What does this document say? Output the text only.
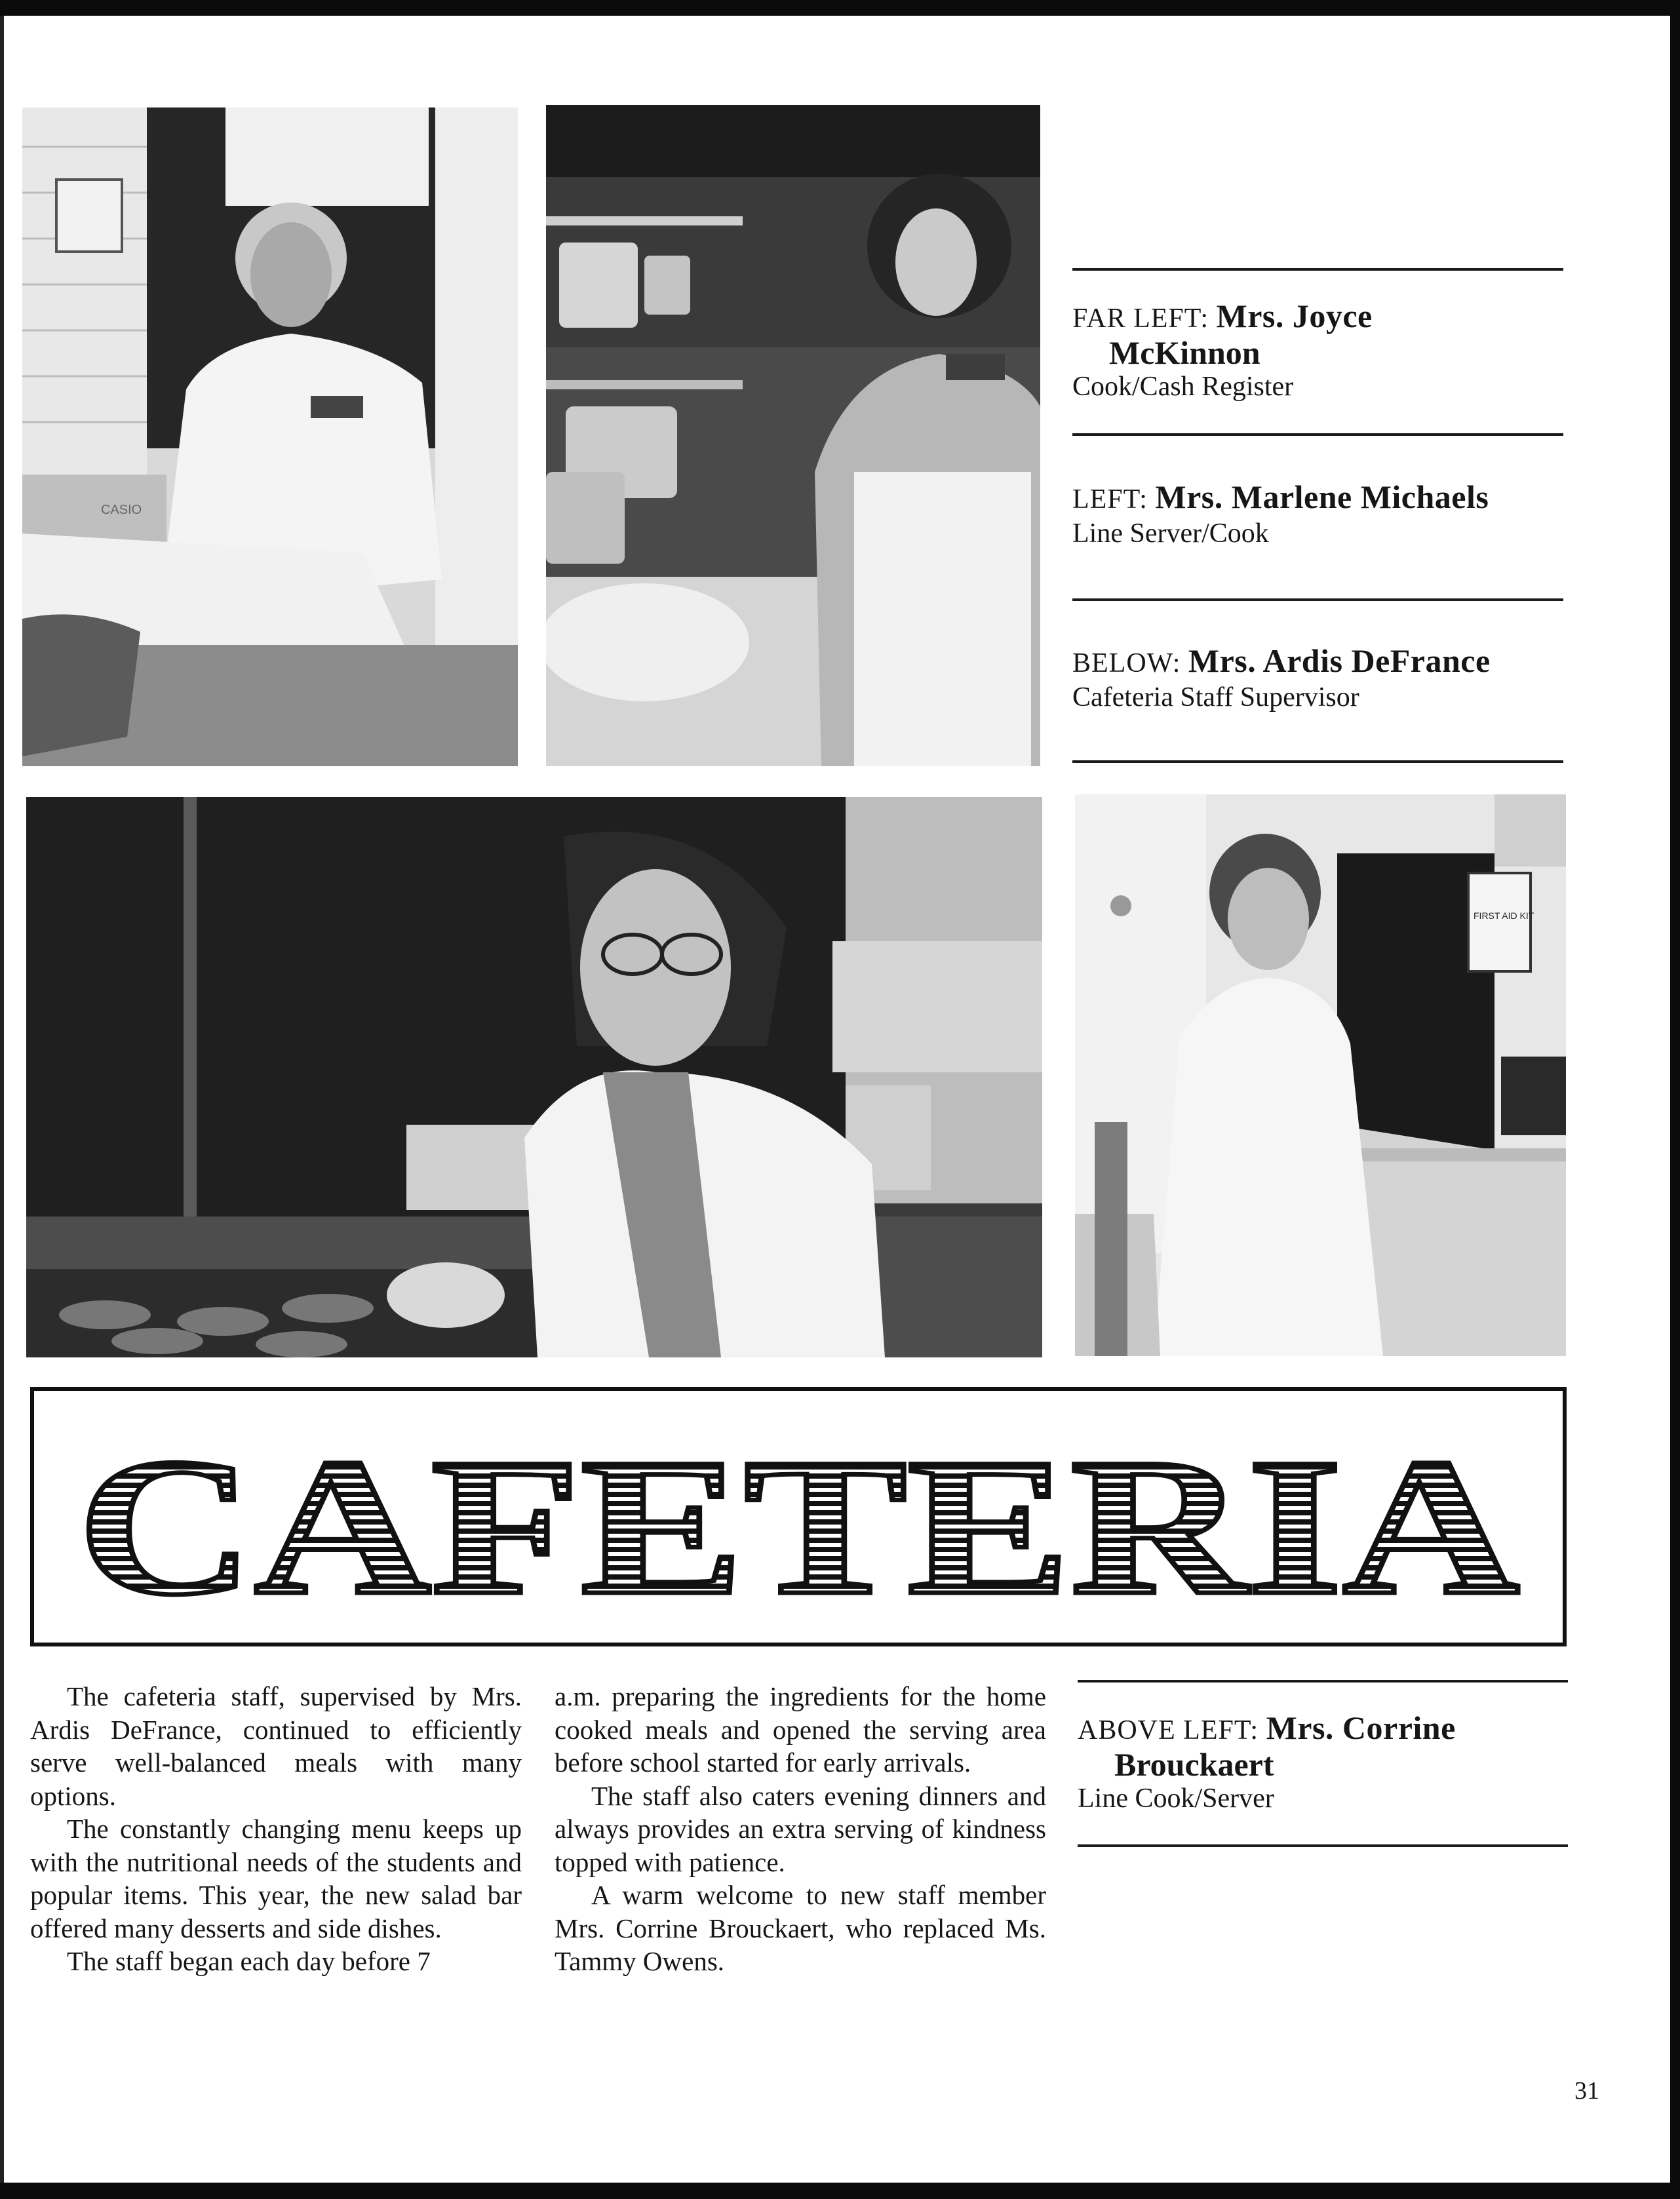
CASIO
FAR LEFT: Mrs. Joyce
McKinnon
Cook/Cash Register
LEFT: Mrs. Marlene Michaels
Line Server/Cook
BELOW: Mrs. Ardis DeFrance
Cafeteria Staff Supervisor
FIRST AID KIT
CAFETERIA

The cafeteria staff, supervised by Mrs. Ardis DeFrance, continued to efficiently serve well-balanced meals with many options.

The constantly changing menu keeps up with the nutritional needs of the students and popular items. This year, the new salad bar offered many desserts and side dishes.

The staff began each day before 7

a.m. preparing the ingredients for the home cooked meals and opened the serving area before school started for early arrivals.

The staff also caters evening dinners and always provides an extra serving of kindness topped with patience.

A warm welcome to new staff member Mrs. Corrine Brouckaert, who replaced Ms. Tammy Owens.

ABOVE LEFT: Mrs. Corrine
Brouckaert
Line Cook/Server
31
